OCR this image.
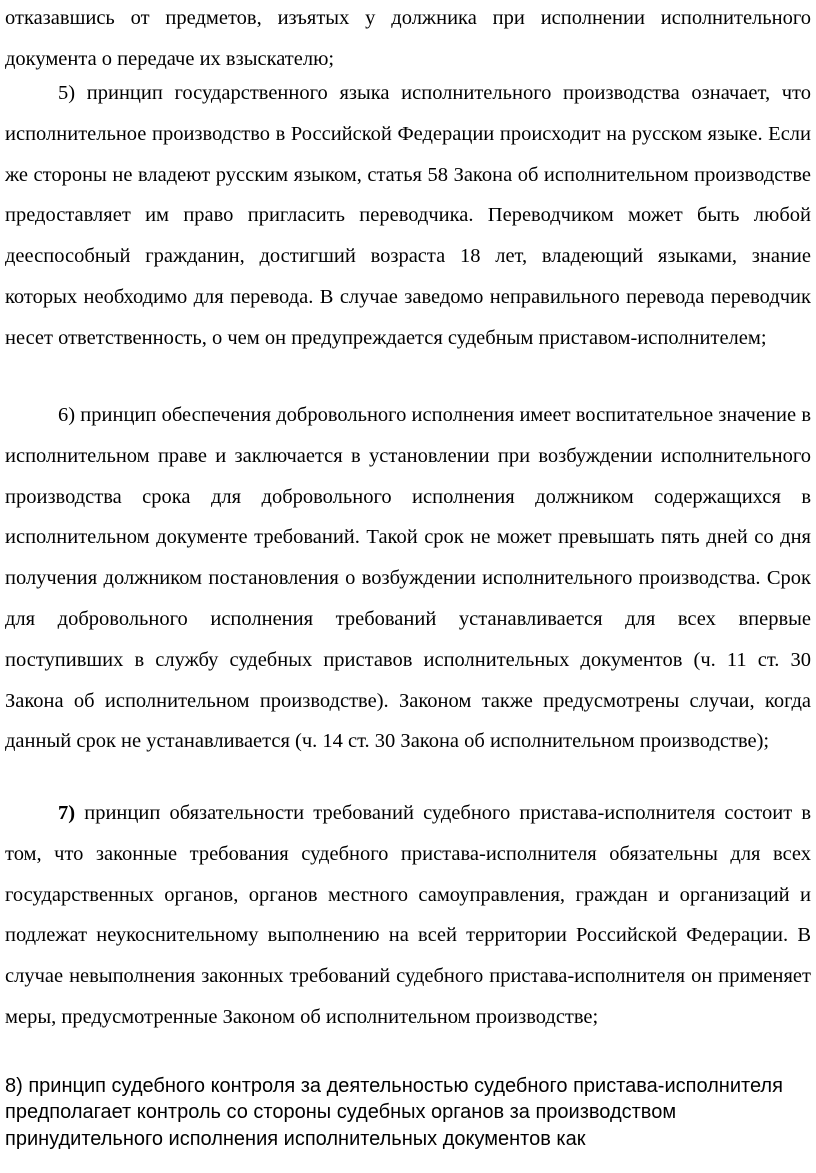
отказавшись от предметов, изъятых у должника при исполнении исполнительного документа о передаче их взыскателю;

5) принцип государственного языка исполнительного производства означает, что исполнительное производство в Российской Федерации происходит на русском языке. Если же стороны не владеют русским языком, статья 58 Закона об исполнительном производстве предоставляет им право пригласить переводчика. Переводчиком может быть любой дееспособный гражданин, достигший возраста 18 лет, владеющий языками, знание которых необходимо для перевода. В случае заведомо неправильного перевода переводчик несет ответственность, о чем он предупреждается судебным приставом-исполнителем;

6) принцип обеспечения добровольного исполнения имеет воспитательное значение в исполнительном праве и заключается в установлении при возбуждении исполнительного производства срока для добровольного исполнения должником содержащихся в исполнительном документе требований. Такой срок не может превышать пять дней со дня получения должником постановления о возбуждении исполнительного производства. Срок для добровольного исполнения требований устанавливается для всех впервые поступивших в службу судебных приставов исполнительных документов (ч. 11 ст. 30 Закона об исполнительном производстве). Законом также предусмотрены случаи, когда данный срок не устанавливается (ч. 14 ст. 30 Закона об исполнительном производстве);

7) принцип обязательности требований судебного пристава-исполнителя состоит в том, что законные требования судебного пристава-исполнителя обязательны для всех государственных органов, органов местного самоуправления, граждан и организаций и подлежат неукоснительному выполнению на всей территории Российской Федерации. В случае невыполнения законных требований судебного пристава-исполнителя он применяет меры, предусмотренные Законом об исполнительном производстве;

8) принцип судебного контроля за деятельностью судебного пристава-исполнителя предполагает контроль со стороны судебных органов за производством принудительного исполнения исполнительных документов как
